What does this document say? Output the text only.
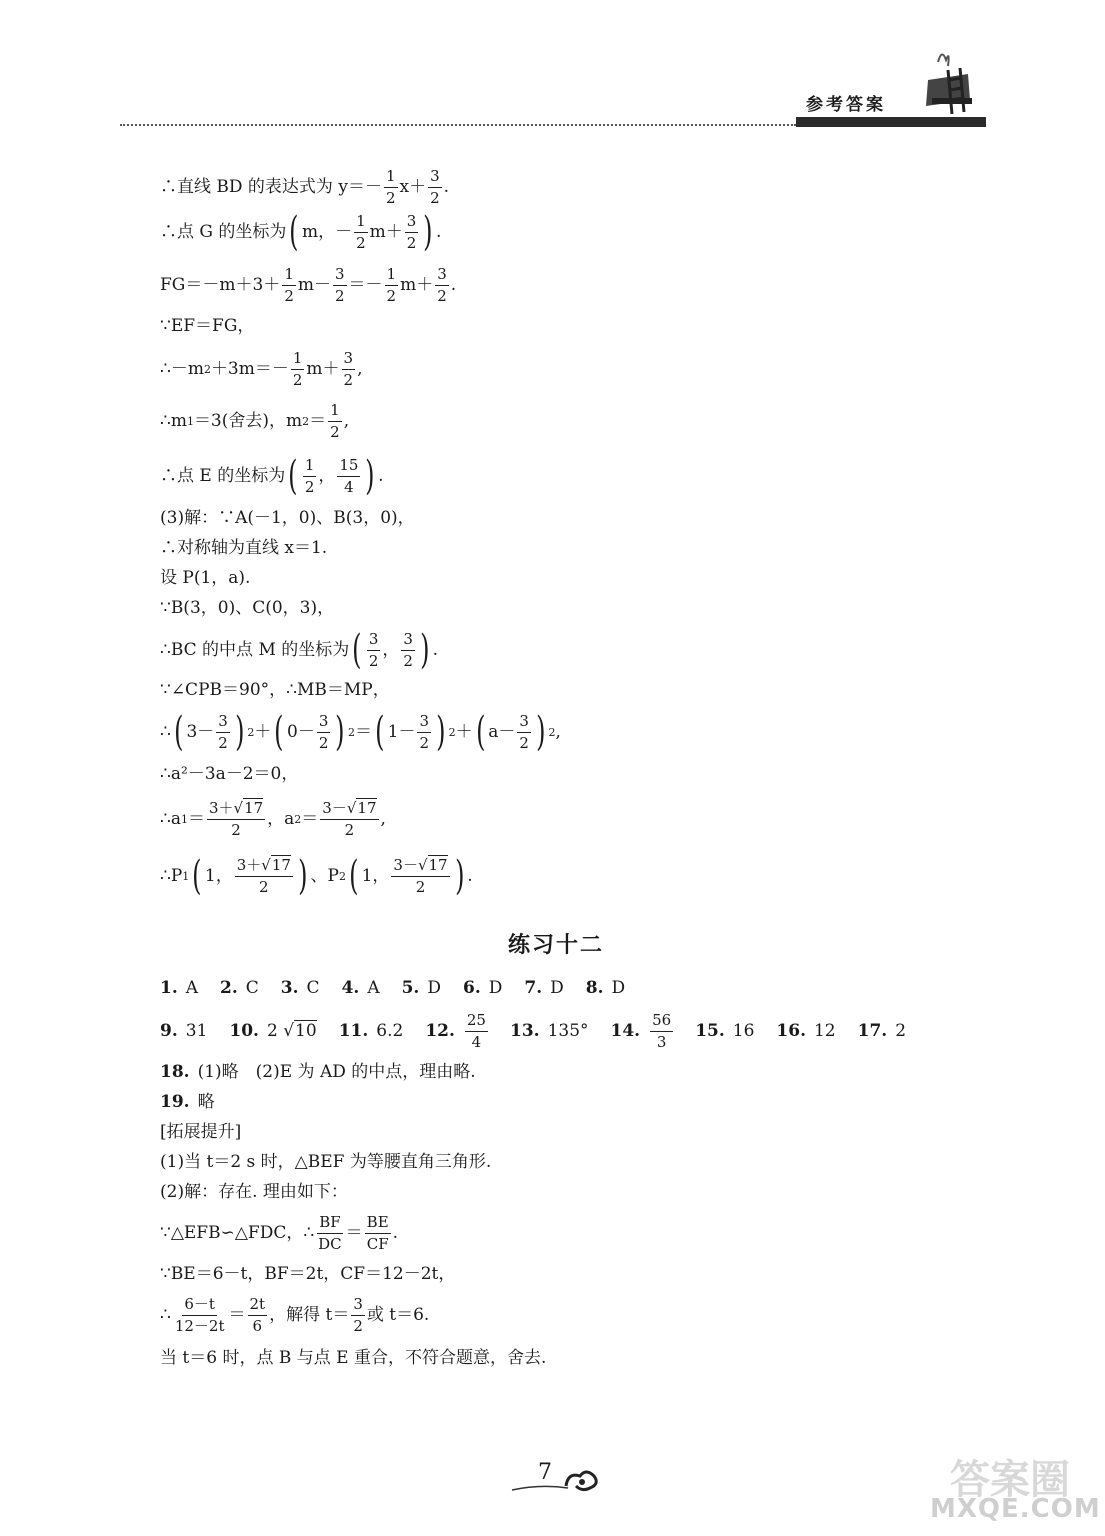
参考答案
∴直线 BD 的表达式为 $y=- \frac{1}{2} x+ \frac{3}{2}$ .
∴点 G 的坐标为 ( m，－ $\frac{1}{2} m+ \frac{3}{2}$ ) .
$FG=-m+3+ \frac{1}{2} m- \frac{3}{2} =- \frac{1}{2} m+ \frac{3}{2}$ .
∵EF＝FG，
∴－m $2 +3m=- \frac{1}{2} m+ \frac{3}{2}$ ,
∴m 1 ＝3(舍去)，m $2 = \frac{1}{2}$ ,
∴点 E 的坐标为 ( $\frac{1}{2}$ ， $\frac{15}{4}$ ) .
(3)解：∵A(－1，0)、B(3，0)，
∴对称轴为直线 x＝1.
设 P(1，a).
∵B(3，0)、C(0，3)，
∴BC 的中点 M 的坐标为 ( $\frac{3}{2}$ ， $\frac{3}{2}$ ) .
∵∠CPB＝90°，∴MB＝MP，
∴ ( $3- \frac{3}{2}$ ) 2 ＋ ( $0- \frac{3}{2}$ ) 2 ＝ ( $1- \frac{3}{2}$ ) 2 ＋ ( $a- \frac{3}{2}$ ) 2 ,
∴a²－3a－2＝0，
∴a $1 = \frac{3+√17}{2}$ ，a $2 = \frac{3-√17}{2}$ ,
∴P 1 ( 1， $\frac{3+√17}{2}$ ) 、P 2 ( 1， $\frac{3-√17}{2}$ ) .
练习十二
1. A 2. C 3. C 4. A 5. D 6. D 7. D 8. D
9. 31 10. 2 √10 11. 6.2 12. $\frac{25}{4} 13$. 135° 14. $\frac{56}{3} 15$. 16 16. 12 17. 2
18. (1)略　(2)E 为 AD 的中点，理由略.
19. 略
[拓展提升]
(1)当 t＝2 s 时，△BEF 为等腰直角三角形.
(2)解：存在. 理由如下：
∵△EFB∽△FDC，∴ $\frac{BF}{DC} = \frac{BE}{CF}$ .
∵BE＝6－t，BF＝2t，CF＝12－2t，
∴ $\frac{6-t}{12-2t} = \frac{2t}{6}$ ，解得 $t= \frac{3}{2}$ 或 t＝6.
当 t＝6 时，点 B 与点 E 重合，不符合题意，舍去.
7	答案圈
MXQE.COM
